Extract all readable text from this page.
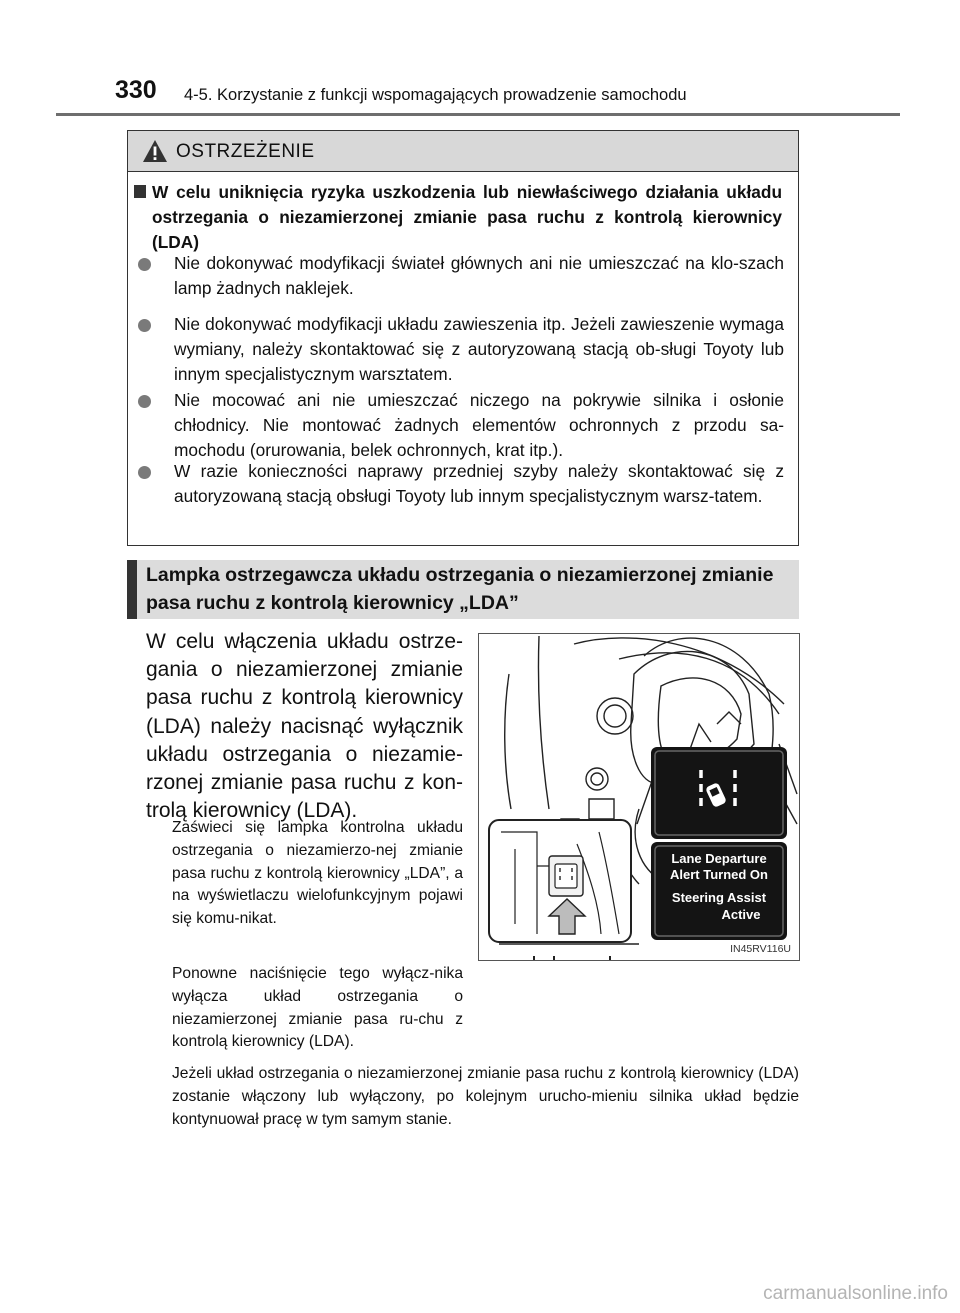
330 4-5. Korzystanie z funkcji wspomagających prowadzenie samochodu
OSTRZEŻENIE
W celu uniknięcia ryzyka uszkodzenia lub niewłaściwego działania układu ostrzegania o niezamierzonej zmianie pasa ruchu z kontrolą kierownicy (LDA)
Nie dokonywać modyfikacji świateł głównych ani nie umieszczać na klo-szach lamp żadnych naklejek.
Nie dokonywać modyfikacji układu zawieszenia itp. Jeżeli zawieszenie wymaga wymiany, należy skontaktować się z autoryzowaną stacją ob-sługi Toyoty lub innym specjalistycznym warsztatem.
Nie mocować ani nie umieszczać niczego na pokrywie silnika i osłonie chłodnicy. Nie montować żadnych elementów ochronnych z przodu sa-mochodu (orurowania, belek ochronnych, krat itp.).
W razie konieczności naprawy przedniej szyby należy skontaktować się z autoryzowaną stacją obsługi Toyoty lub innym specjalistycznym warsz-tatem.
Lampka ostrzegawcza układu ostrzegania o niezamierzonej zmianie pasa ruchu z kontrolą kierownicy „LDA”
W celu włączenia układu ostrze-gania o niezamierzonej zmianie pasa ruchu z kontrolą kierownicy (LDA) należy nacisnąć wyłącznik układu ostrzegania o niezamie-rzonej zmianie pasa ruchu z kon-trolą kierownicy (LDA).
Zaświeci się lampka kontrolna układu ostrzegania o niezamierzo-nej zmianie pasa ruchu z kontrolą kierownicy „LDA”, a na wyświetlaczu wielofunkcyjnym pojawi się komu-nikat.
Ponowne naciśnięcie tego wyłącz-nika wyłącza układ ostrzegania o niezamierzonej zmianie pasa ru-chu z kontrolą kierownicy (LDA).
Jeżeli układ ostrzegania o niezamierzonej zmianie pasa ruchu z kontrolą kierownicy (LDA) zostanie włączony lub wyłączony, po kolejnym urucho-mieniu silnika układ będzie kontynuował pracę w tym samym stanie.
Lane Departure
Alert Turned On
Steering Assist
Active
IN45RV116U
carmanualsonline.info
